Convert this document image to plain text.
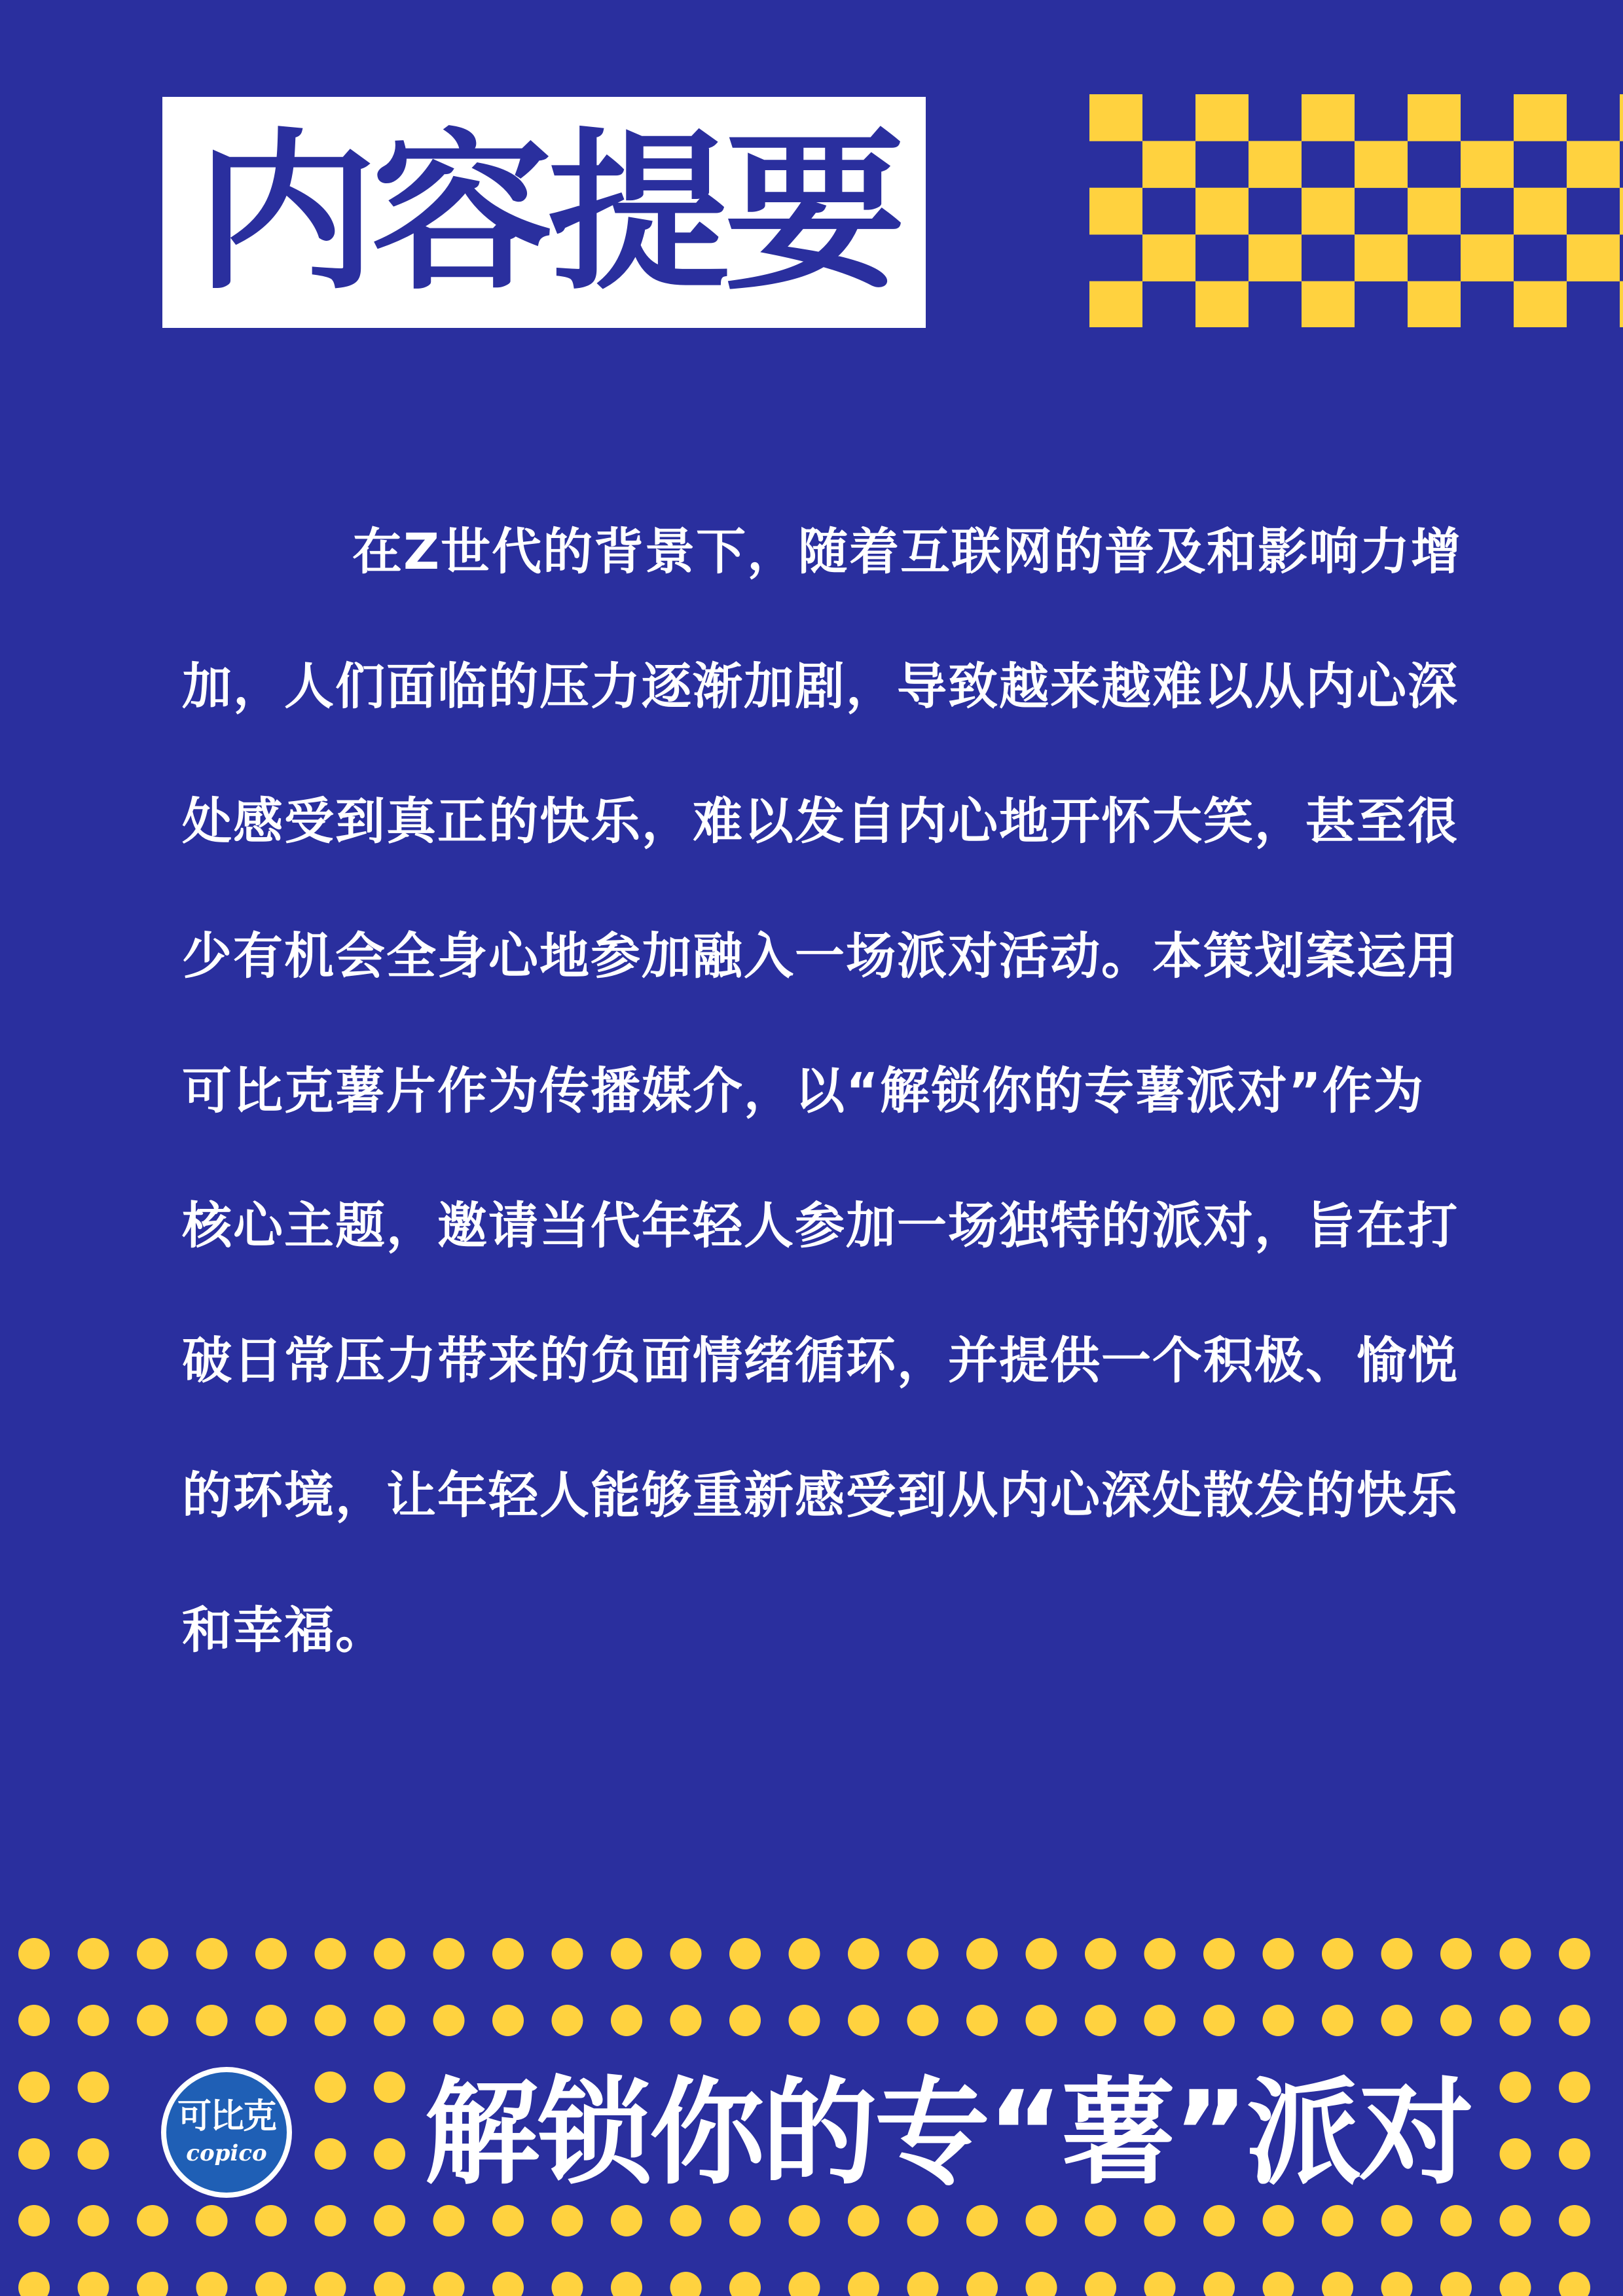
内容提要

在Z世代的背景下，随着互联网的普及和影响力增加，人们面临的压力逐渐加剧，导致越来越难以从内心深处感受到真正的快乐，难以发自内心地开怀大笑，甚至很少有机会全身心地参加融入一场派对活动。本策划案运用可比克薯片作为传播媒介，以“解锁你的专薯派对”作为核心主题，邀请当代年轻人参加一场独特的派对，旨在打破日常压力带来的负面情绪循环，并提供一个积极、愉悦的环境，让年轻人能够重新感受到从内心深处散发的快乐和幸福。

可比克
copico 解锁你的专“薯”派对
